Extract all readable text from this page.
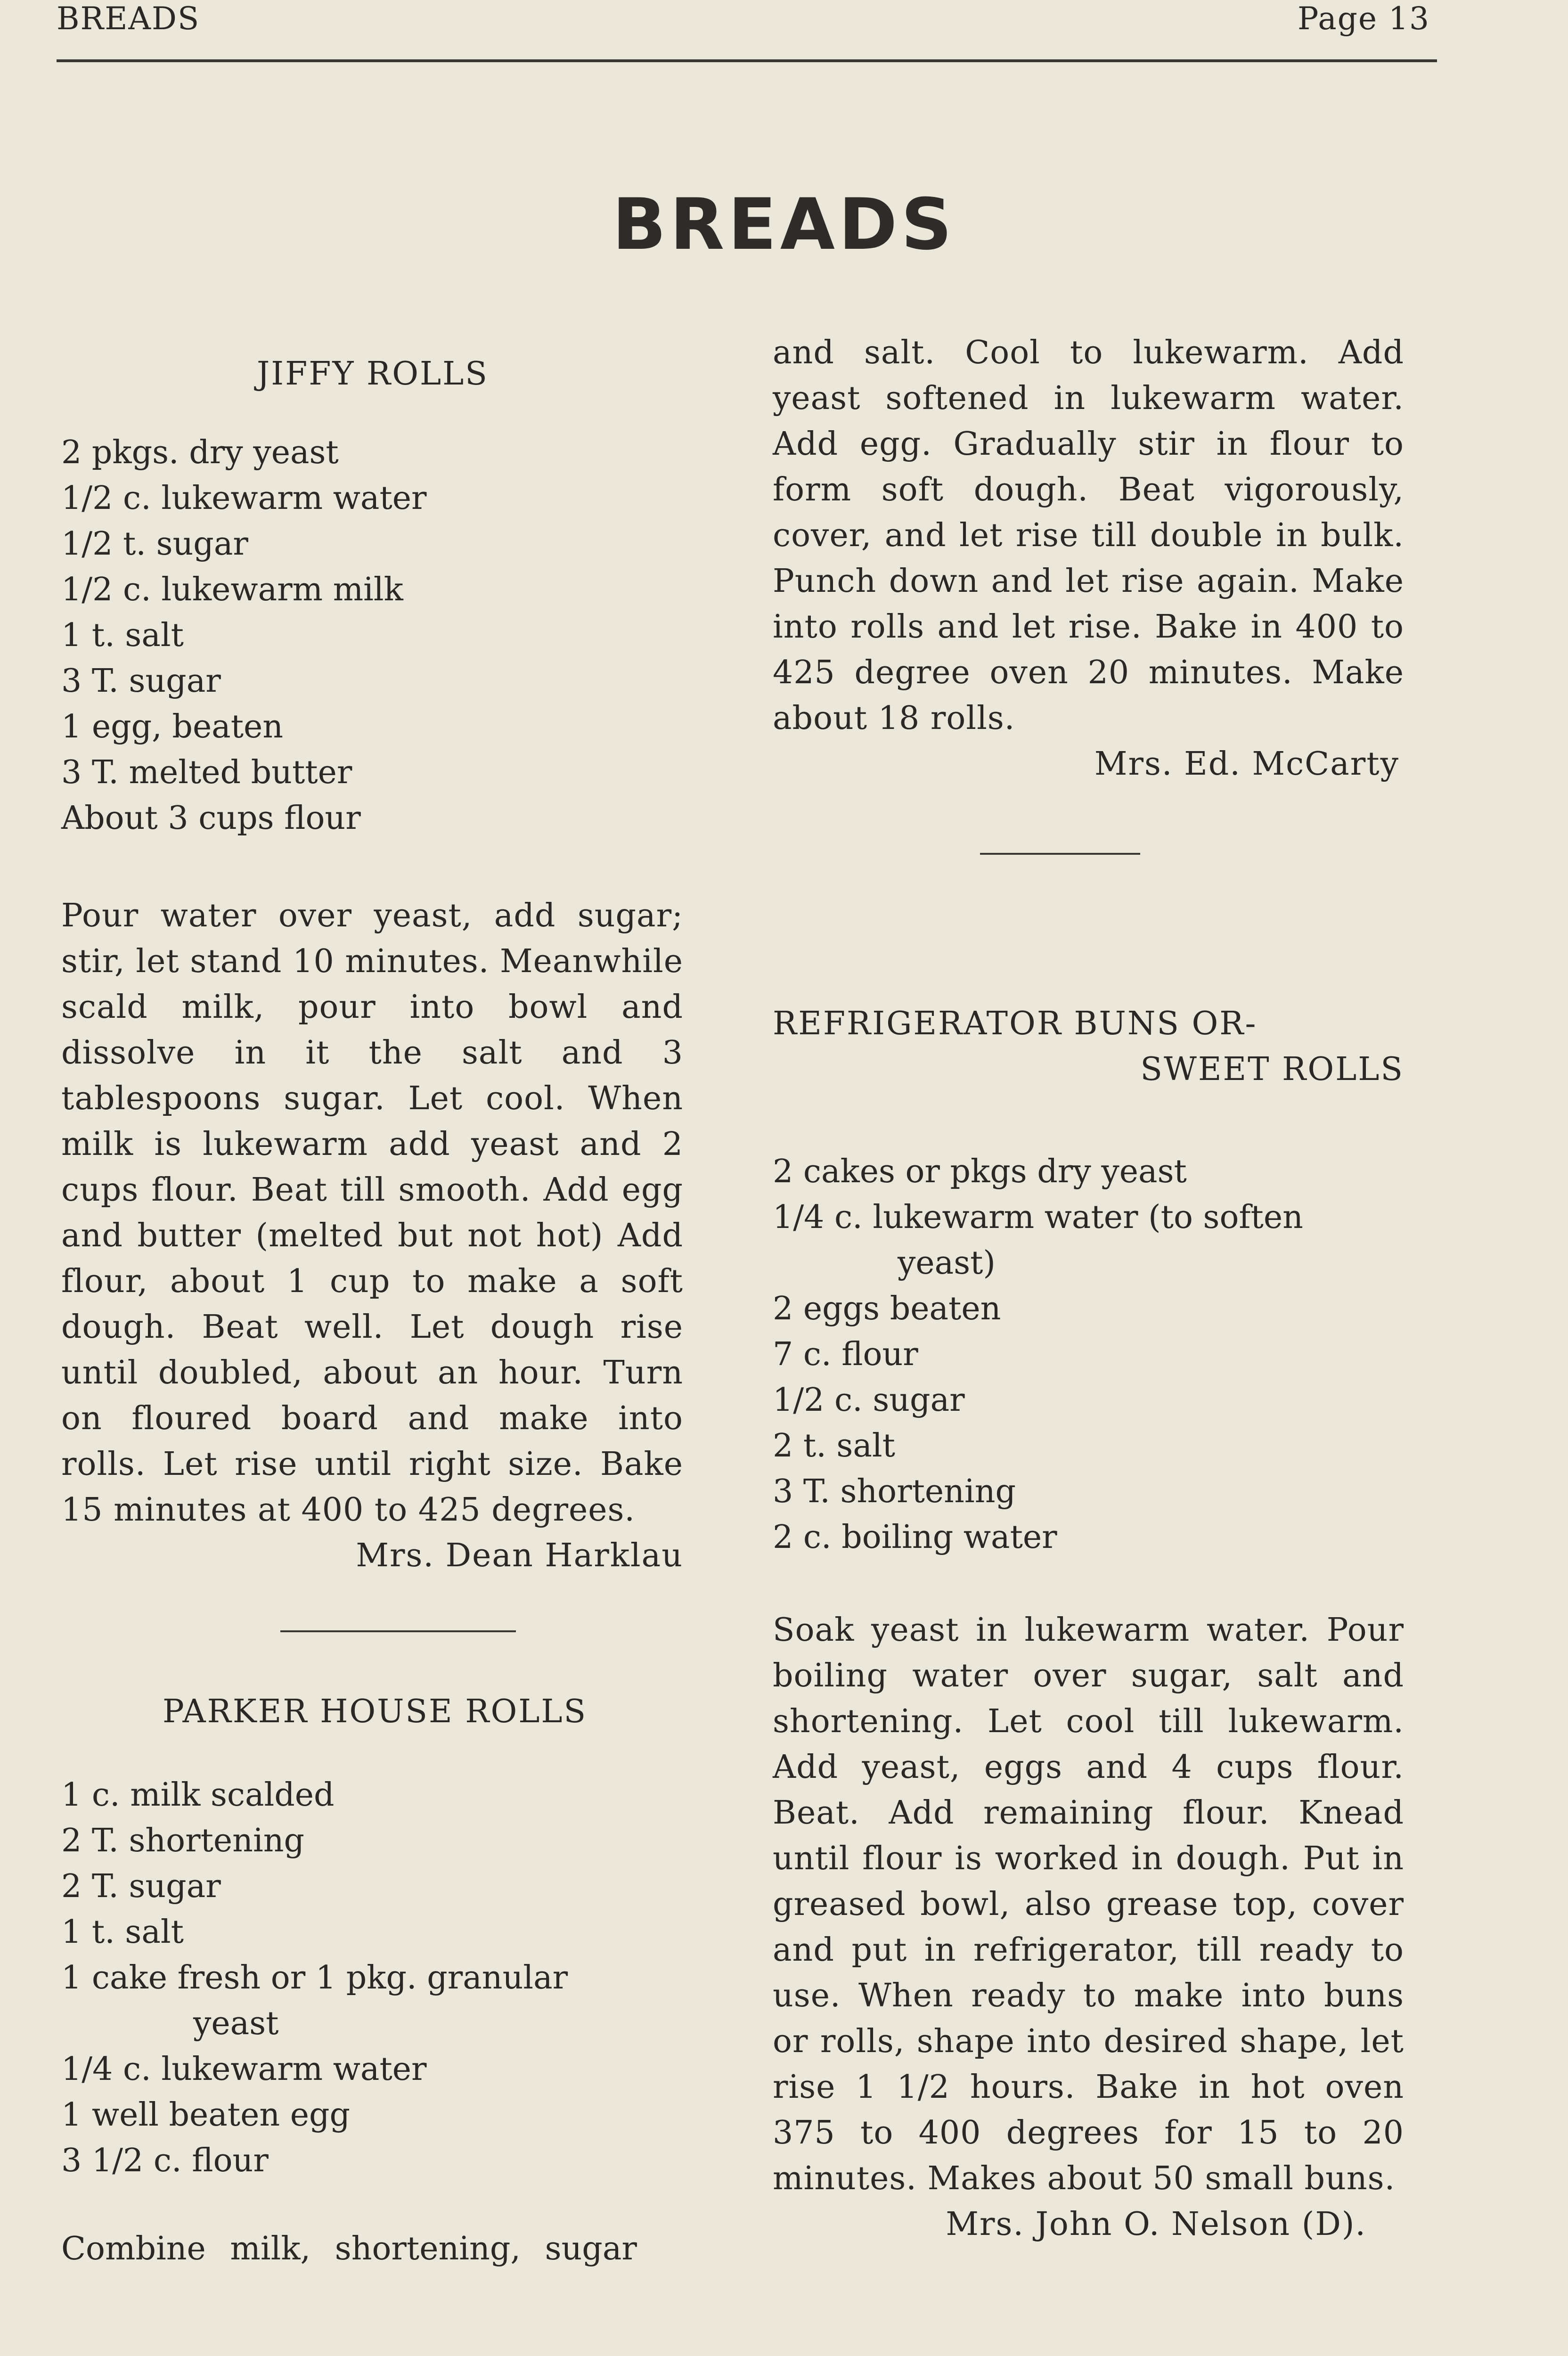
BREADS	Page 13
BREADS
JIFFY ROLLS
2 pkgs. dry yeast
1/2 c. lukewarm water
1/2 t. sugar
1/2 c. lukewarm milk
1 t. salt
3 T. sugar
1 egg, beaten
3 T. melted butter
About 3 cups flour
Pour water over yeast, add sugar; stir, let stand 10 minutes. Meanwhile scald milk, pour into bowl and dissolve in it the salt and 3 tablespoons sugar. Let cool. When milk is lukewarm add yeast and 2 cups flour. Beat till smooth. Add egg and butter (melted but not hot) Add flour, about 1 cup to make a soft dough. Beat well. Let dough rise until doubled, about an hour. Turn on floured board and make into rolls. Let rise until right size. Bake 15 minutes at 400 to 425 degrees.
Mrs. Dean Harklau
PARKER HOUSE ROLLS
1 c. milk scalded
2 T. shortening
2 T. sugar
1 t. salt
1 cake fresh or 1 pkg. granular
yeast
1/4 c. lukewarm water
1 well beaten egg
3 1/2 c. flour
Combine milk, shortening, sugar
and salt. Cool to lukewarm. Add yeast softened in lukewarm water. Add egg. Gradually stir in flour to form soft dough. Beat vigorously, cover, and let rise till double in bulk. Punch down and let rise again. Make into rolls and let rise. Bake in 400 to 425 degree oven 20 minutes. Make about 18 rolls.
Mrs. Ed. McCarty
REFRIGERATOR BUNS OR-
SWEET ROLLS
2 cakes or pkgs dry yeast
1/4 c. lukewarm water (to soften
yeast)
2 eggs beaten
7 c. flour
1/2 c. sugar
2 t. salt
3 T. shortening
2 c. boiling water
Soak yeast in lukewarm water. Pour boiling water over sugar, salt and shortening. Let cool till lukewarm. Add yeast, eggs and 4 cups flour. Beat. Add remaining flour. Knead until flour is worked in dough. Put in greased bowl, also grease top, cover and put in refrigerator, till ready to use. When ready to make into buns or rolls, shape into desired shape, let rise 1 1/2 hours. Bake in hot oven 375 to 400 degrees for 15 to 20 minutes. Makes about 50 small buns.
Mrs. John O. Nelson (D).
